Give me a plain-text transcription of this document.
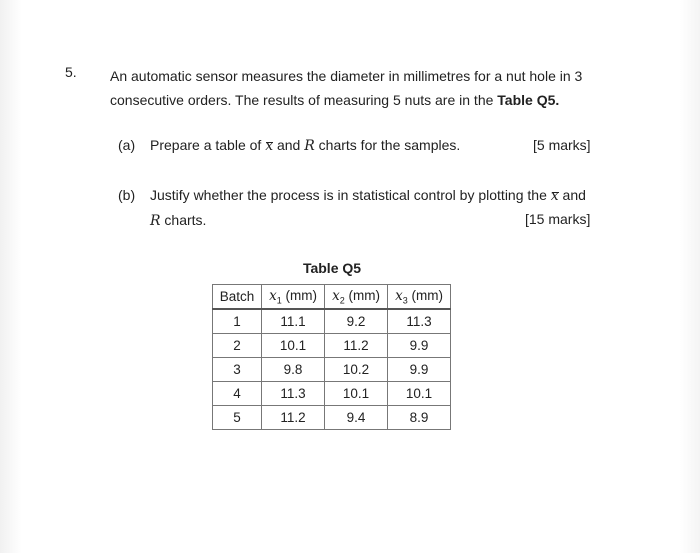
5. An automatic sensor measures the diameter in millimetres for a nut hole in 3 consecutive orders. The results of measuring 5 nuts are in the Table Q5.
(a) Prepare a table of x and R charts for the samples.	[5 marks]
(b) Justify whether the process is in statistical control by plotting the x and
R charts.	[15 marks]
Table Q5
Batch	$x_1$ (mm)	$x_2$ (mm)	$x_3$ (mm)
1	11.1	9.2	11.3
2	10.1	11.2	9.9
3	9.8	10.2	9.9
4	11.3	10.1	10.1
5	11.2	9.4	8.9
